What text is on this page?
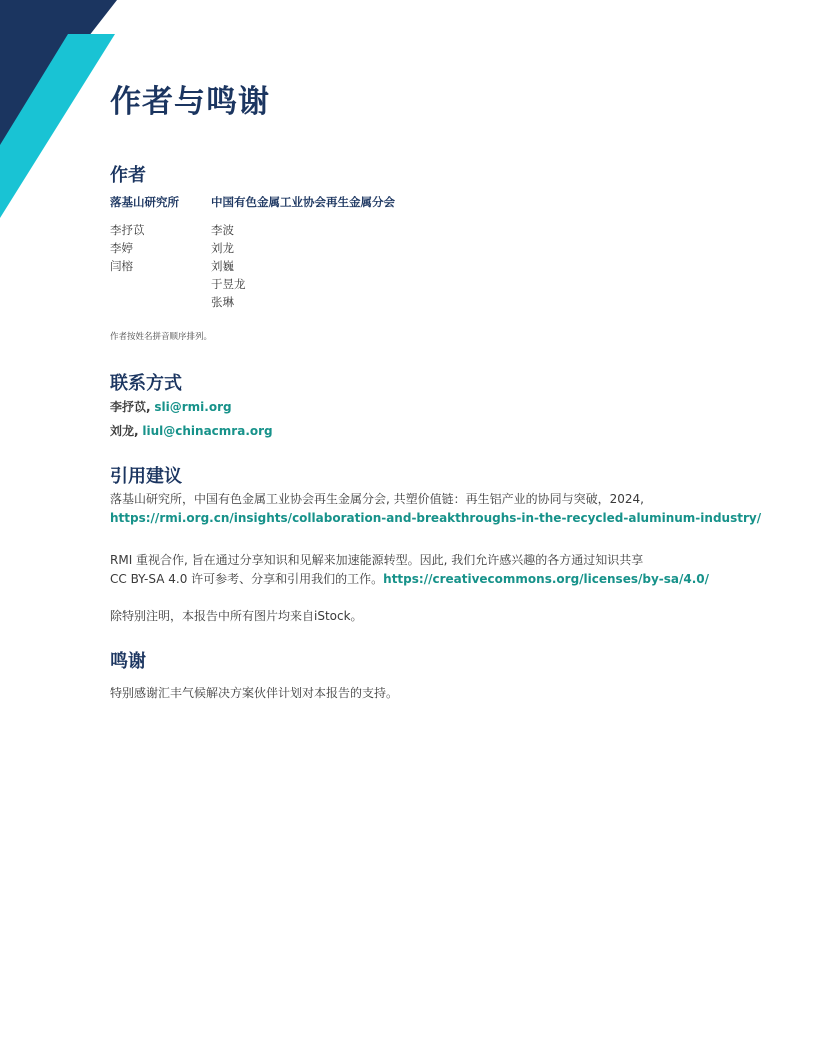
作者与鸣谢
作者

落基山研究所	中国有色金属工业协会再生金属分会

李抒苡
李婷
闫榕
李波
刘龙
刘巍
于昱龙
张琳

作者按姓名拼音顺序排列。

联系方式

李抒苡, sli@rmi.org

刘龙, liul@chinacmra.org

引用建议

落基山研究所，中国有色金属工业协会再生金属分会, 共塑价值链：再生铝产业的协同与突破，2024,
https://rmi.org.cn/insights/collaboration-and-breakthroughs-in-the-recycled-aluminum-industry/

RMI 重视合作, 旨在通过分享知识和见解来加速能源转型。因此, 我们允许感兴趣的各方通过知识共享
CC BY-SA 4.0 许可参考、分享和引用我们的工作。https://creativecommons.org/licenses/by-sa/4.0/

除特别注明，本报告中所有图片均来自iStock。

鸣谢

特别感谢汇丰气候解决方案伙伴计划对本报告的支持。
